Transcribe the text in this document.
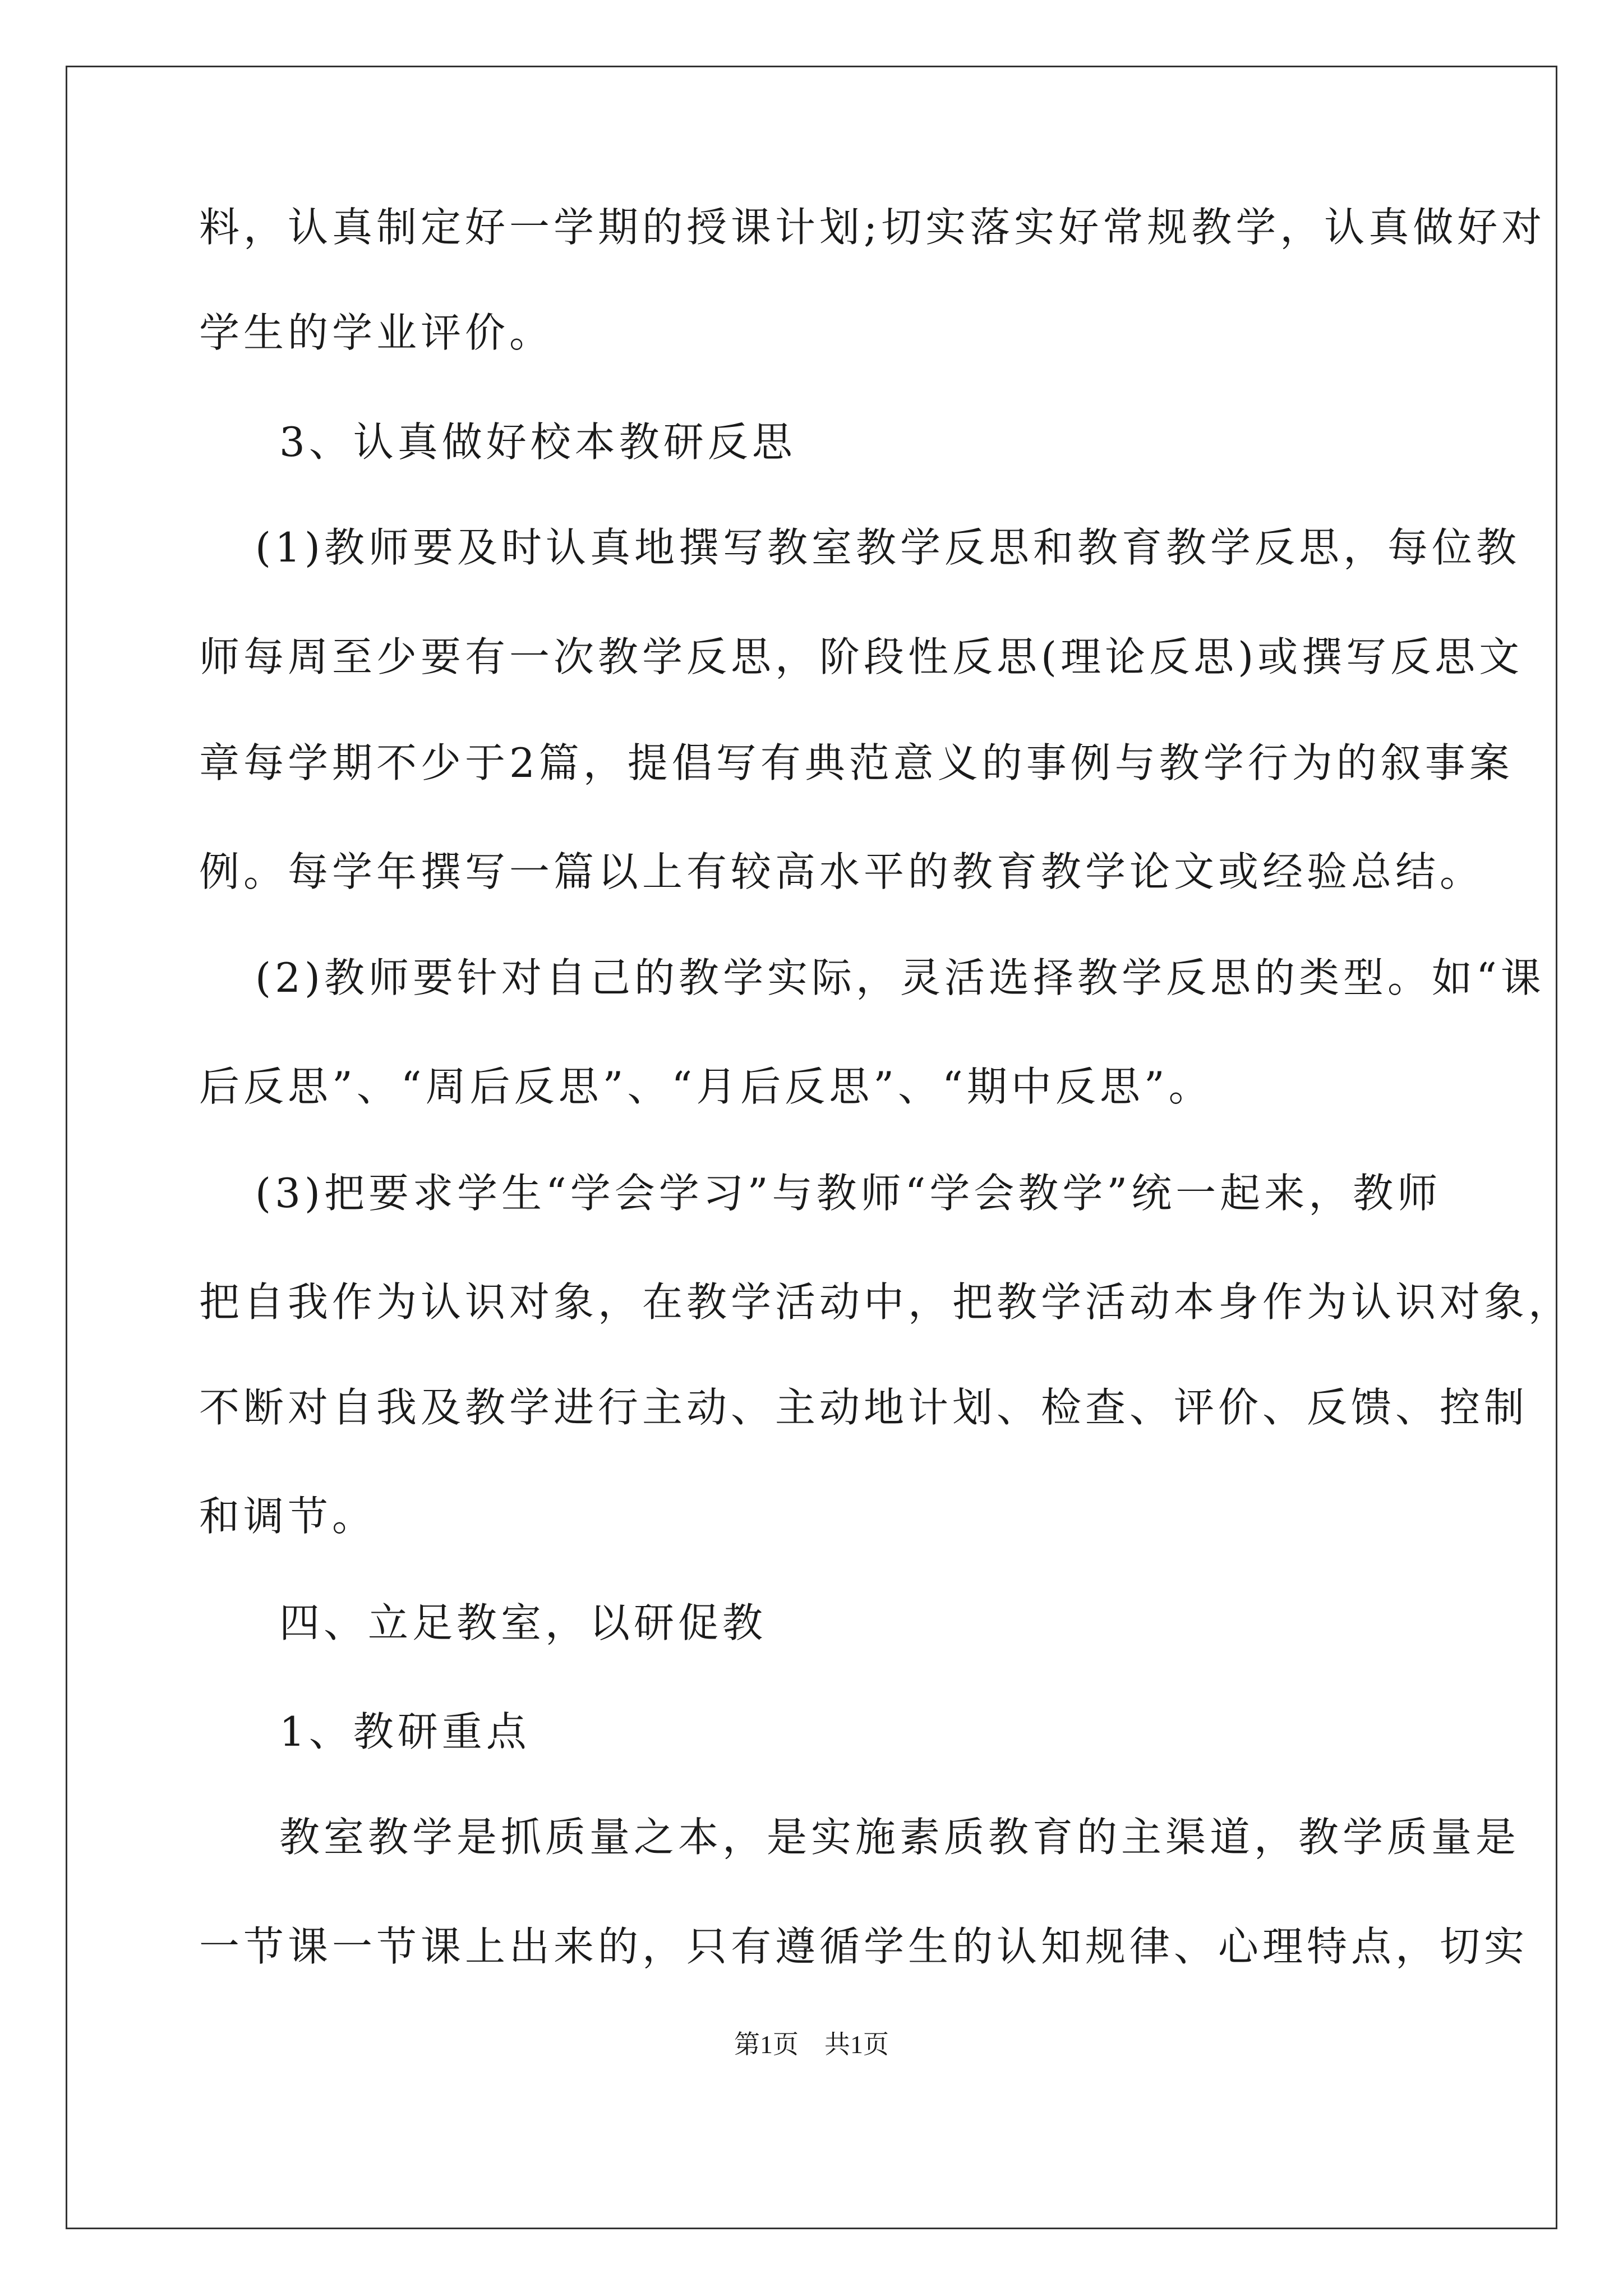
料，认真制定好一学期的授课计划;切实落实好常规教学，认真做好对
学生的学业评价。
3、认真做好校本教研反思
(1)教师要及时认真地撰写教室教学反思和教育教学反思，每位教
师每周至少要有一次教学反思，阶段性反思(理论反思)或撰写反思文
章每学期不少于2篇，提倡写有典范意义的事例与教学行为的叙事案
例。每学年撰写一篇以上有较高水平的教育教学论文或经验总结。
(2)教师要针对自己的教学实际，灵活选择教学反思的类型。如“课
后反思”、“周后反思”、“月后反思”、“期中反思”。
(3)把要求学生“学会学习”与教师“学会教学”统一起来，教师
把自我作为认识对象，在教学活动中，把教学活动本身作为认识对象，
不断对自我及教学进行主动、主动地计划、检查、评价、反馈、控制
和调节。
四、立足教室，以研促教
1、教研重点
教室教学是抓质量之本，是实施素质教育的主渠道，教学质量是
一节课一节课上出来的，只有遵循学生的认知规律、心理特点，切实
第1页　共1页
